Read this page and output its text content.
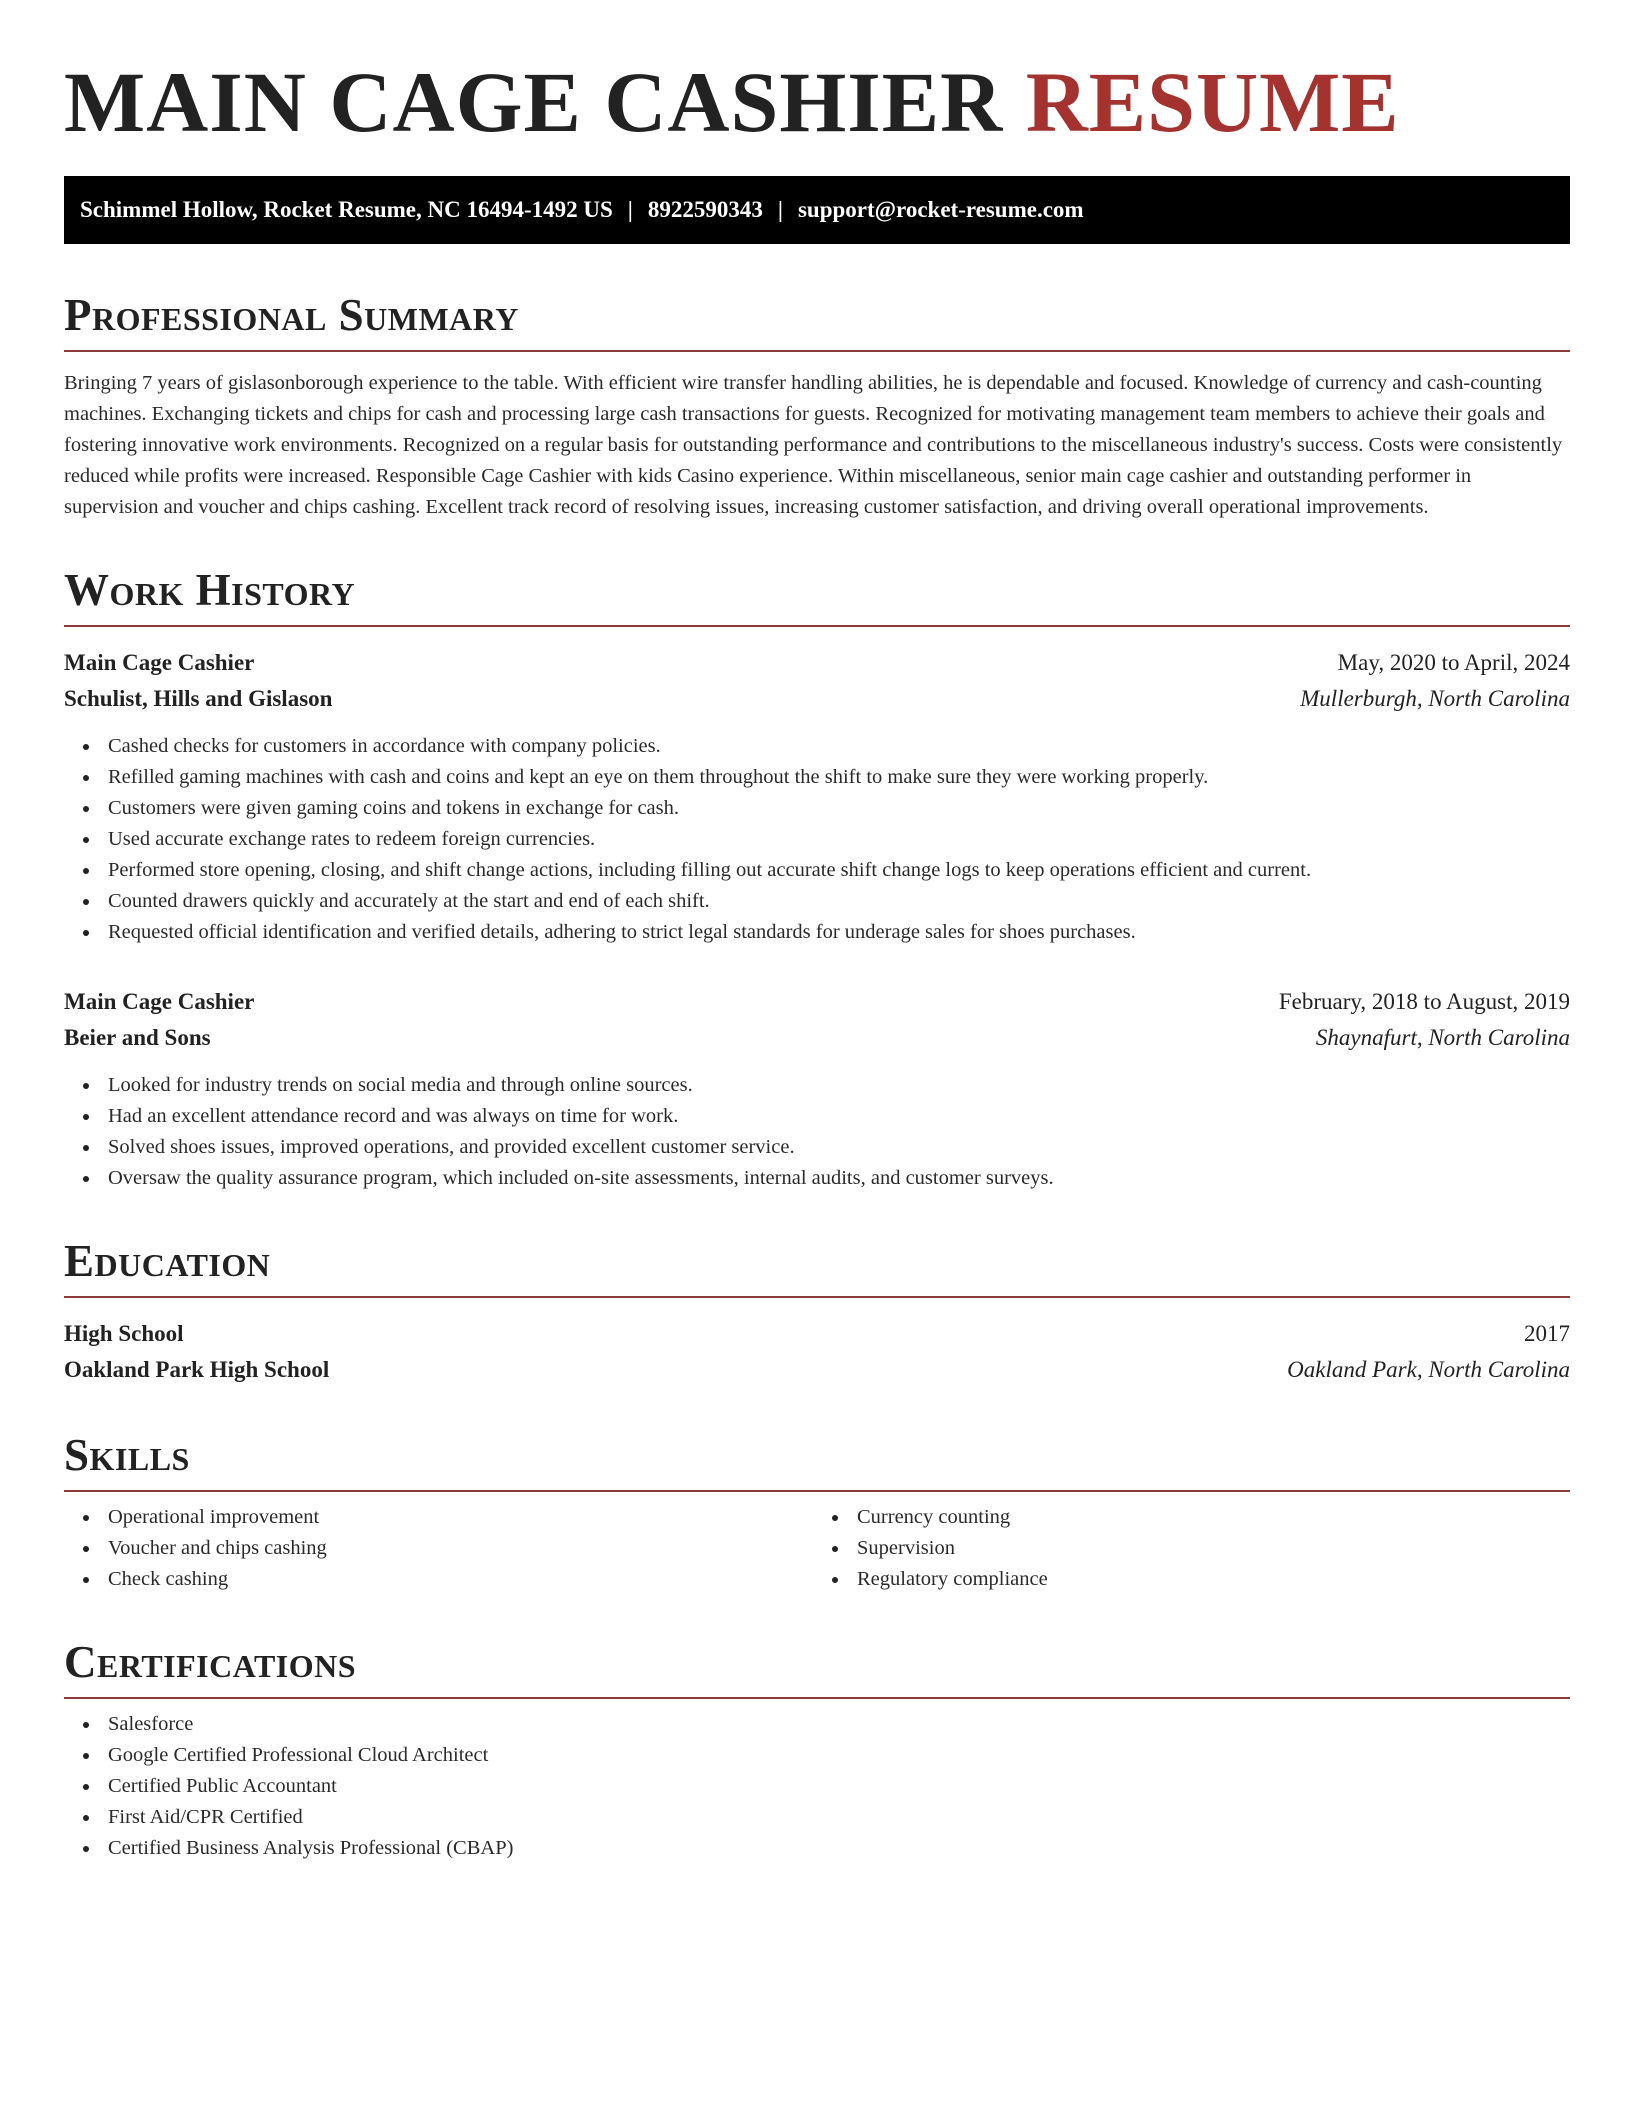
MAIN CAGE CASHIER RESUME
Schimmel Hollow, Rocket Resume, NC 16494-1492 US | 8922590343 | support@rocket-resume.com
Professional Summary

Bringing 7 years of gislasonborough experience to the table. With efficient wire transfer handling abilities, he is dependable and focused. Knowledge of currency and cash-counting machines. Exchanging tickets and chips for cash and processing large cash transactions for guests. Recognized for motivating management team members to achieve their goals and fostering innovative work environments. Recognized on a regular basis for outstanding performance and contributions to the miscellaneous industry's success. Costs were consistently reduced while profits were increased. Responsible Cage Cashier with kids Casino experience. Within miscellaneous, senior main cage cashier and outstanding performer in supervision and voucher and chips cashing. Excellent track record of resolving issues, increasing customer satisfaction, and driving overall operational improvements.

Work History
Main Cage Cashier	May, 2020 to April, 2024
Schulist, Hills and Gislason	Mullerburgh, North Carolina
Cashed checks for customers in accordance with company policies.
Refilled gaming machines with cash and coins and kept an eye on them throughout the shift to make sure they were working properly.
Customers were given gaming coins and tokens in exchange for cash.
Used accurate exchange rates to redeem foreign currencies.
Performed store opening, closing, and shift change actions, including filling out accurate shift change logs to keep operations efficient and current.
Counted drawers quickly and accurately at the start and end of each shift.
Requested official identification and verified details, adhering to strict legal standards for underage sales for shoes purchases.
Main Cage Cashier	February, 2018 to August, 2019
Beier and Sons	Shaynafurt, North Carolina
Looked for industry trends on social media and through online sources.
Had an excellent attendance record and was always on time for work.
Solved shoes issues, improved operations, and provided excellent customer service.
Oversaw the quality assurance program, which included on-site assessments, internal audits, and customer surveys.
Education
High School	2017
Oakland Park High School	Oakland Park, North Carolina
Skills
Operational improvement
Voucher and chips cashing
Check cashing
Currency counting
Supervision
Regulatory compliance
Certifications
Salesforce
Google Certified Professional Cloud Architect
Certified Public Accountant
First Aid/CPR Certified
Certified Business Analysis Professional (CBAP)
